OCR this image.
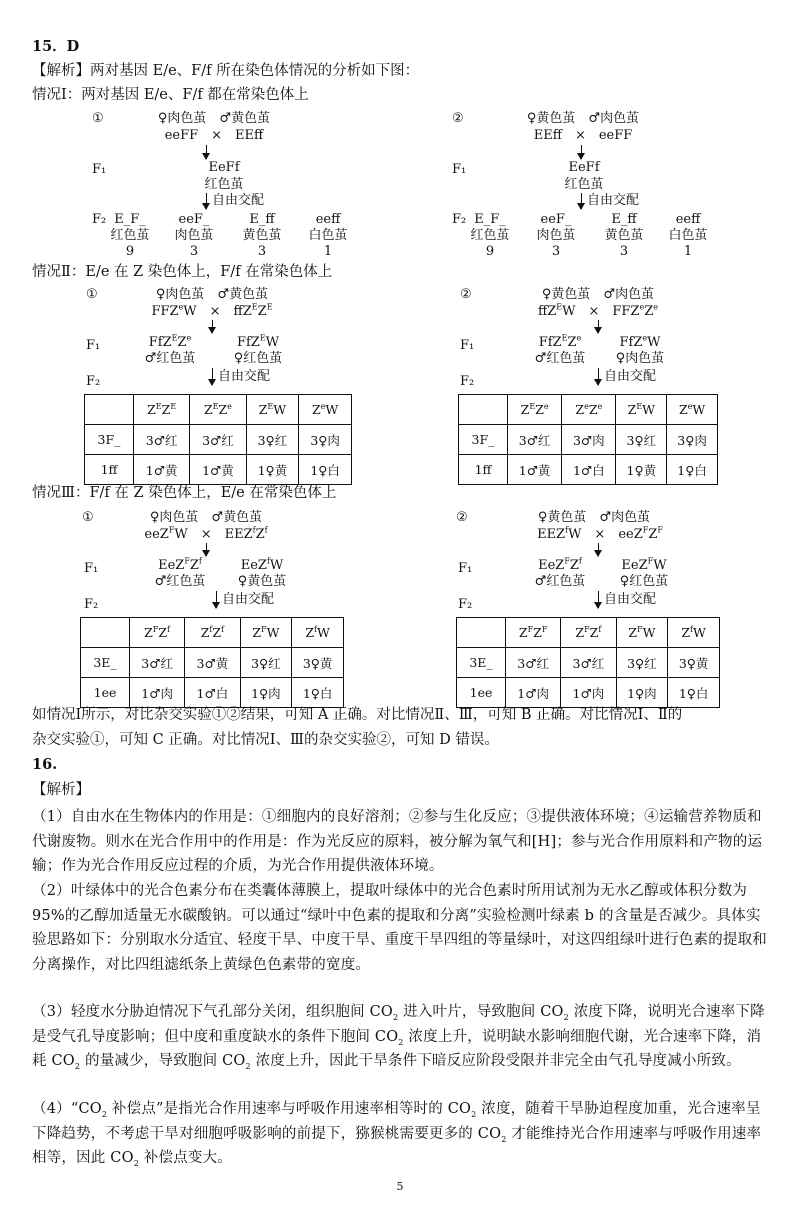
15．D
【解析】两对基因 E/e、F/f 所在染色体情况的分析如下图：
情况Ⅰ：两对基因 E/e、F/f 都在常染色体上
①	♀肉色茧　♂黄色茧
eeFF　×　EEff
F₁	EeFf
红色茧
自由交配
F₂ E_F_	eeF_	E_ff	eeff
红色茧 肉色茧 黄色茧 白色茧
9	3	3	1
②	♀黄色茧　♂肉色茧
EEff　×　eeFF
F₁	EeFf
红色茧
自由交配
F₂ E_F_	eeF_	E_ff	eeff
红色茧 肉色茧 黄色茧 白色茧
9	3	3	1
情况Ⅱ：E/e 在 Z 染色体上，F/f 在常染色体上
①	♀肉色茧　♂黄色茧
$FFZ^eW$　×　$ffZ^EZ^E$
F₁	$FfZ^EZ^e$	FfZ$^E$W
♂红色茧	♀红色茧
自由交配
F₂
	$Z^EZ^E$	$Z^EZ^e$	$Z^EW$	$Z^eW$
3F_	3♂红	3♂红	3♀红	3♀肉
1ff	1♂黄	1♂黄	1♀黄	1♀白
②	♀黄色茧　♂肉色茧
ffZ$^E$W　×　$FFZ^eZ^e$
F₁	$FfZ^EZ^e$	FfZ$^e$W
♂红色茧 ♀肉色茧
自由交配
F₂
	$Z^EZ^e$	$Z^eZ^e$	$Z^EW$	$Z^eW$
3F_	3♂红	3♂肉	3♀红	3♀肉
1ff	1♂黄	1♂白	1♀黄	1♀白
情况Ⅲ：F/f 在 Z 染色体上，E/e 在常染色体上
①	♀肉色茧　♂黄色茧
eeZ$^F$W　×　$EEZ^fZ^f$
F₁	$EeZ^FZ^f$	EeZ$^f$W
♂红色茧 ♀黄色茧
自由交配
F₂
	$Z^FZ^f$	$Z^fZ^f$	$Z^FW$	$Z^fW$
3E_	3♂红	3♂黄	3♀红	3♀黄
1ee	1♂肉	1♂白	1♀肉	1♀白
②	♀黄色茧　♂肉色茧
$EEZ^fW$　×　$eeZ^FZ^F$
F₁	$EeZ^FZ^f$	EeZ$^F$W
♂红色茧	♀红色茧
自由交配
F₂
	$Z^FZ^F$	$Z^FZ^f$	$Z^FW$	$Z^fW$
3E_	3♂红	3♂红	3♀红	3♀黄
1ee	1♂肉	1♂肉	1♀肉	1♀白
如情况Ⅰ所示，对比杂交实验①②结果，可知 A 正确。对比情况Ⅱ、Ⅲ，可知 B 正确。对比情况Ⅰ、Ⅱ的
杂交实验①，可知 C 正确。对比情况Ⅰ、Ⅲ的杂交实验②，可知 D 错误。
16.
【解析】
（1）自由水在生物体内的作用是：①细胞内的良好溶剂；②参与生化反应；③提供液体环境；④运输营养物质和代谢废物。则水在光合作用中的作用是：作为光反应的原料，被分解为氧气和[H]；参与光合作用原料和产物的运输；作为光合作用反应过程的介质，为光合作用提供液体环境。
（2）叶绿体中的光合色素分布在类囊体薄膜上，提取叶绿体中的光合色素时所用试剂为无水乙醇或体积分数为 95%的乙醇加适量无水碳酸钠。可以通过“绿叶中色素的提取和分离”实验检测叶绿素 b 的含量是否减少。具体实验思路如下：分别取水分适宜、轻度干旱、中度干旱、重度干旱四组的等量绿叶，对这四组绿叶进行色素的提取和分离操作，对比四组滤纸条上黄绿色色素带的宽度。
（3）轻度水分胁迫情况下气孔部分关闭，组织胞间 $CO_2$ 进入叶片，导致胞间 $CO_2$ 浓度下降，说明光合速率下降是受气孔导度影响；但中度和重度缺水的条件下胞间 $CO_2$ 浓度上升，说明缺水影响细胞代谢，光合速率下降，消耗 $CO_2$ 的量减少，导致胞间 $CO_2$ 浓度上升，因此干旱条件下暗反应阶段受限并非完全由气孔导度减小所致。
$(4)“CO_2$ 补偿点”是指光合作用速率与呼吸作用速率相等时的 $CO_2$ 浓度，随着干旱胁迫程度加重，光合速率呈下降趋势，不考虑干旱对细胞呼吸影响的前提下，猕猴桃需要更多的 $CO_2$ 才能维持光合作用速率与呼吸作用速率相等，因此 $CO_2$ 补偿点变大。
5
